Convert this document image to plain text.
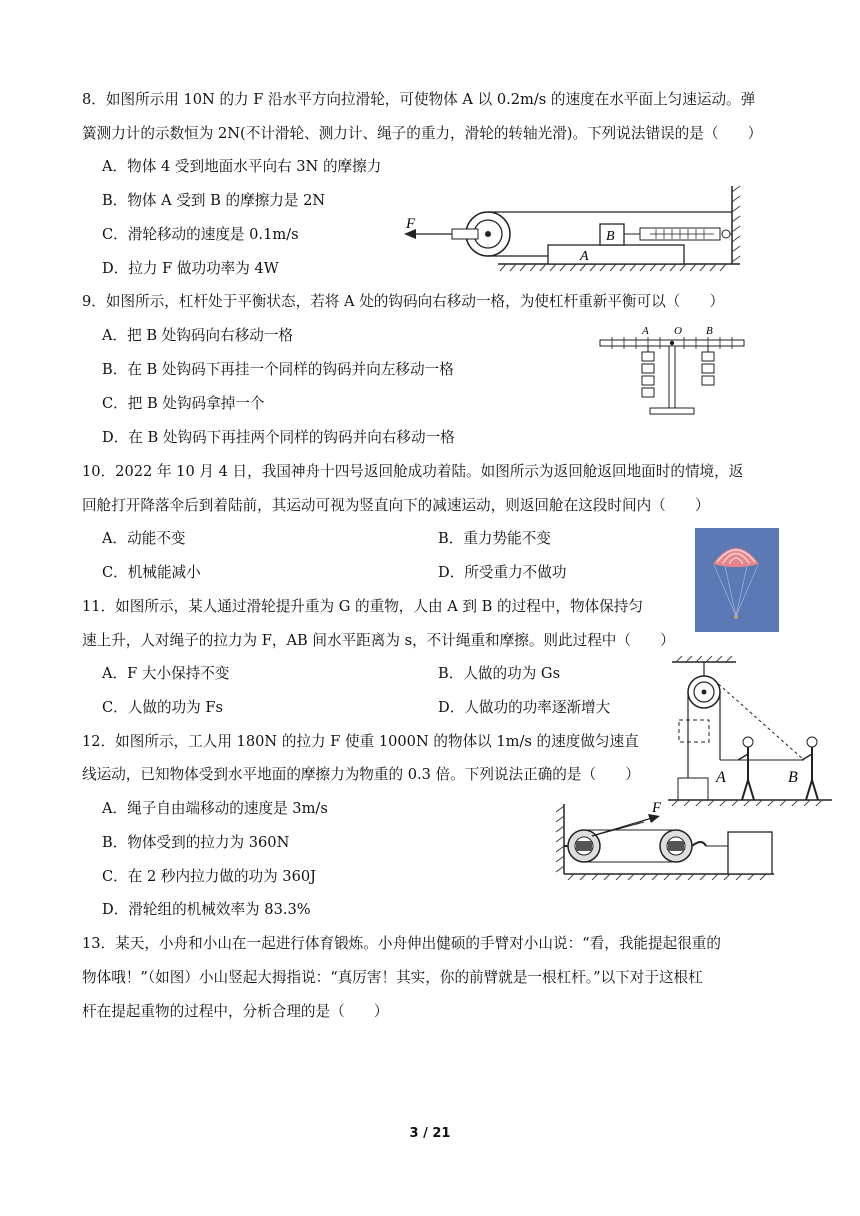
8．如图所示用 10N 的力 F 沿水平方向拉滑轮，可使物体 A 以 0.2m/s 的速度在水平面上匀速运动。弹
簧测力计的示数恒为 2N(不计滑轮、测力计、绳子的重力，滑轮的转轴光滑)。下列说法错误的是（　　）
A．物体 4 受到地面水平向右 3N 的摩擦力
B．物体 A 受到 B 的摩擦力是 2N
C．滑轮移动的速度是 0.1m/s
D．拉力 F 做功功率为 4W
A
B
F
9．如图所示，杠杆处于平衡状态，若将 A 处的钩码向右移动一格，为使杠杆重新平衡可以（　　）
A．把 B 处钩码向右移动一格
B．在 B 处钩码下再挂一个同样的钩码并向左移动一格
C．把 B 处钩码拿掉一个
D．在 B 处钩码下再挂两个同样的钩码并向右移动一格
A O B
10．2022 年 10 月 4 日，我国神舟十四号返回舱成功着陆。如图所示为返回舱返回地面时的情境，返
回舱打开降落伞后到着陆前，其运动可视为竖直向下的减速运动，则返回舱在这段时间内（　　）
A．动能不变	B．重力势能不变
C．机械能减小	D．所受重力不做功
11．如图所示，某人通过滑轮提升重为 G 的重物，人由 A 到 B 的过程中，物体保持匀
速上升，人对绳子的拉力为 F，AB 间水平距离为 s，不计绳重和摩擦。则此过程中（　　）
A．F 大小保持不变	B．人做的功为 Gs
C．人做的功为 Fs	D．人做功的功率逐渐增大
A	B
12．如图所示，工人用 180N 的拉力 F 使重 1000N 的物体以 1m/s 的速度做匀速直
线运动，已知物体受到水平地面的摩擦力为物重的 0.3 倍。下列说法正确的是（　　）
A．绳子自由端移动的速度是 3m/s
B．物体受到的拉力为 360N
C．在 2 秒内拉力做的功为 360J
D．滑轮组的机械效率为 83.3%
F
13．某天，小舟和小山在一起进行体育锻炼。小舟伸出健硕的手臂对小山说：“看，我能提起很重的
物体哦！”（如图）小山竖起大拇指说：“真厉害！其实，你的前臂就是一根杠杆。”以下对于这根杠
杆在提起重物的过程中，分析合理的是（　　）
3 / 21
